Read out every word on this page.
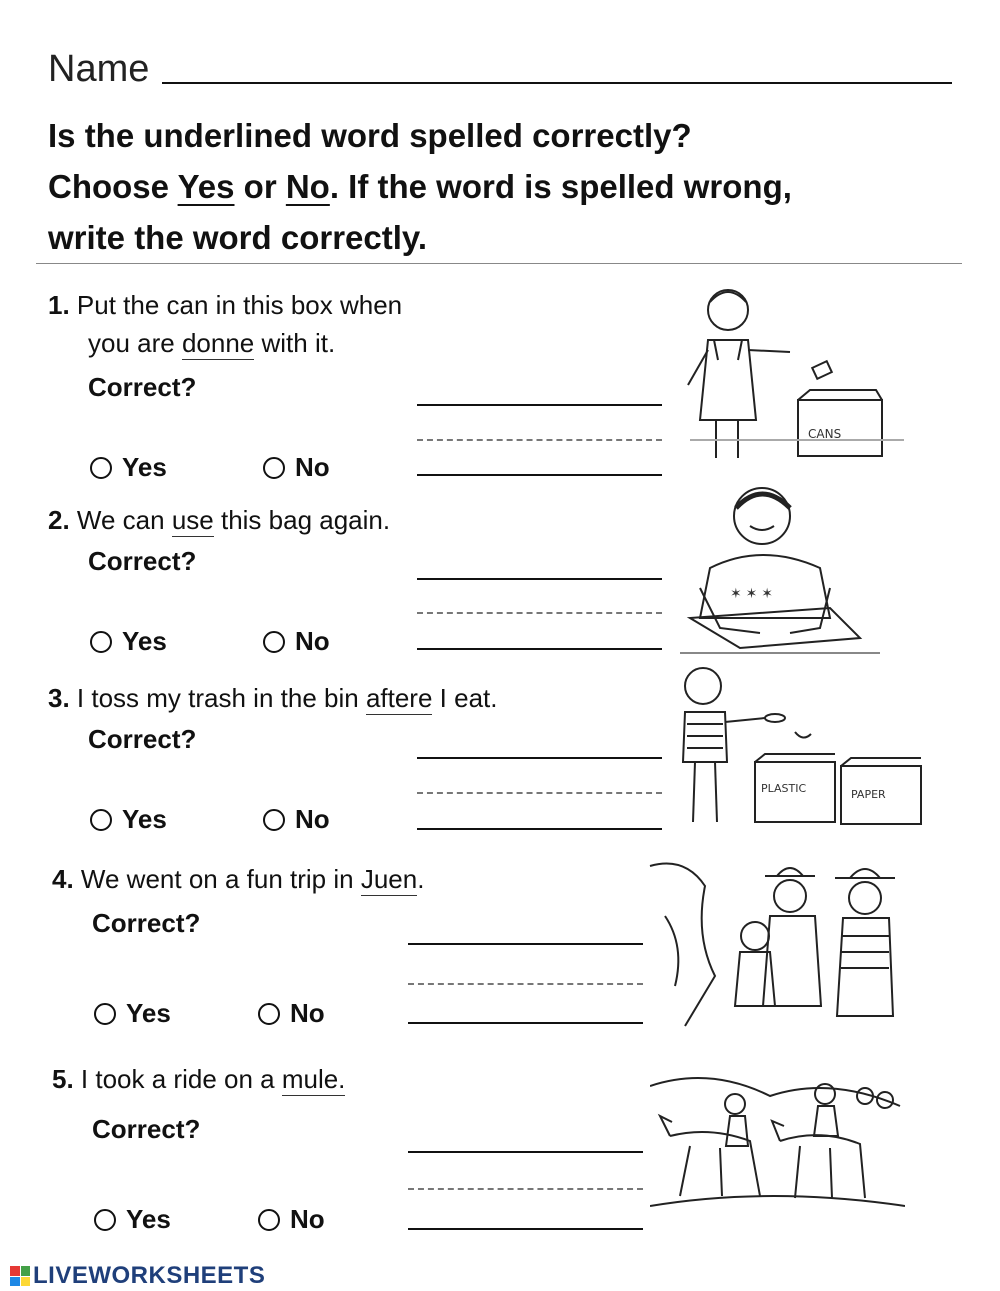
Name
Is the underlined word spelled correctly?
Choose Yes or No. If the word is spelled wrong,
write the word correctly.
1. Put the can in this box when
you are donne with it.
Correct?
Yes	No
2. We can use this bag again.
Correct?
Yes	No
3. I toss my trash in the bin aftere I eat.
Correct?
Yes	No
4. We went on a fun trip in Juen.
Correct?
Yes	No
5. I took a ride on a mule.
Correct?
Yes	No
CANS
✶ ✶ ✶
PLASTIC	PAPER
LIVEWORKSHEETS
